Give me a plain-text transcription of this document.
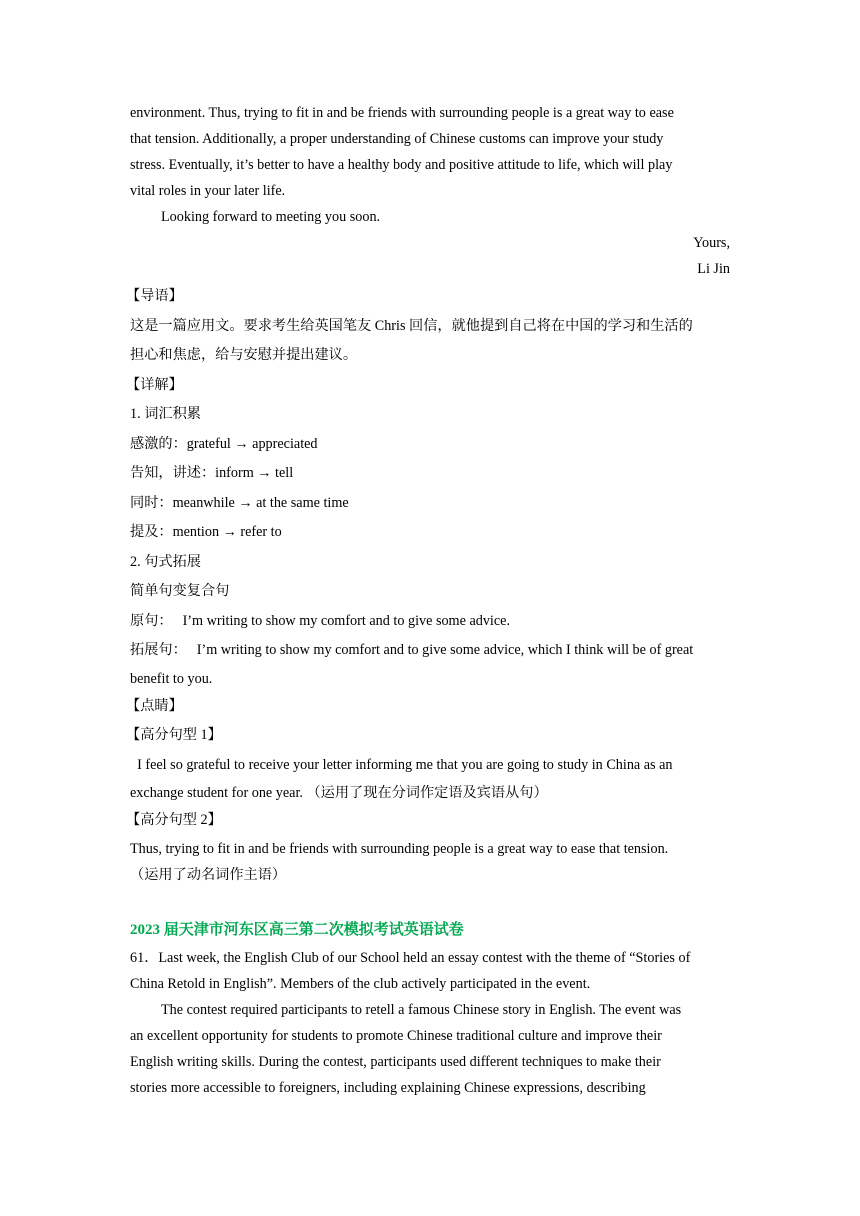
environment. Thus, trying to fit in and be friends with surrounding people is a great way to ease
that tension. Additionally, a proper understanding of Chinese customs can improve your study
stress. Eventually, it’s better to have a healthy body and positive attitude to life, which will play
vital roles in your later life.
Looking forward to meeting you soon.
Yours,
Li Jin
【导语】
这是一篇应用文。要求考生给英国笔友 Chris 回信，就他提到自己将在中国的学习和生活的
担心和焦虑，给与安慰并提出建议。
【详解】
1. 词汇积累
感激的：grateful → appreciated
告知，讲述：inform → tell
同时：meanwhile → at the same time
提及：mention → refer to
2. 句式拓展
简单句变复合句
原句： I’m writing to show my comfort and to give some advice.
拓展句： I’m writing to show my comfort and to give some advice, which I think will be of great
benefit to you.
【点睛】
【高分句型 1】
I feel so grateful to receive your letter informing me that you are going to study in China as an
exchange student for one year. （运用了现在分词作定语及宾语从句）
【高分句型 2】
Thus, trying to fit in and be friends with surrounding people is a great way to ease that tension.
（运用了动名词作主语）
2023 届天津市河东区高三第二次模拟考试英语试卷
61．Last week, the English Club of our School held an essay contest with the theme of “Stories of
China Retold in English”. Members of the club actively participated in the event.
The contest required participants to retell a famous Chinese story in English. The event was
an excellent opportunity for students to promote Chinese traditional culture and improve their
English writing skills. During the contest, participants used different techniques to make their
stories more accessible to foreigners, including explaining Chinese expressions, describing
